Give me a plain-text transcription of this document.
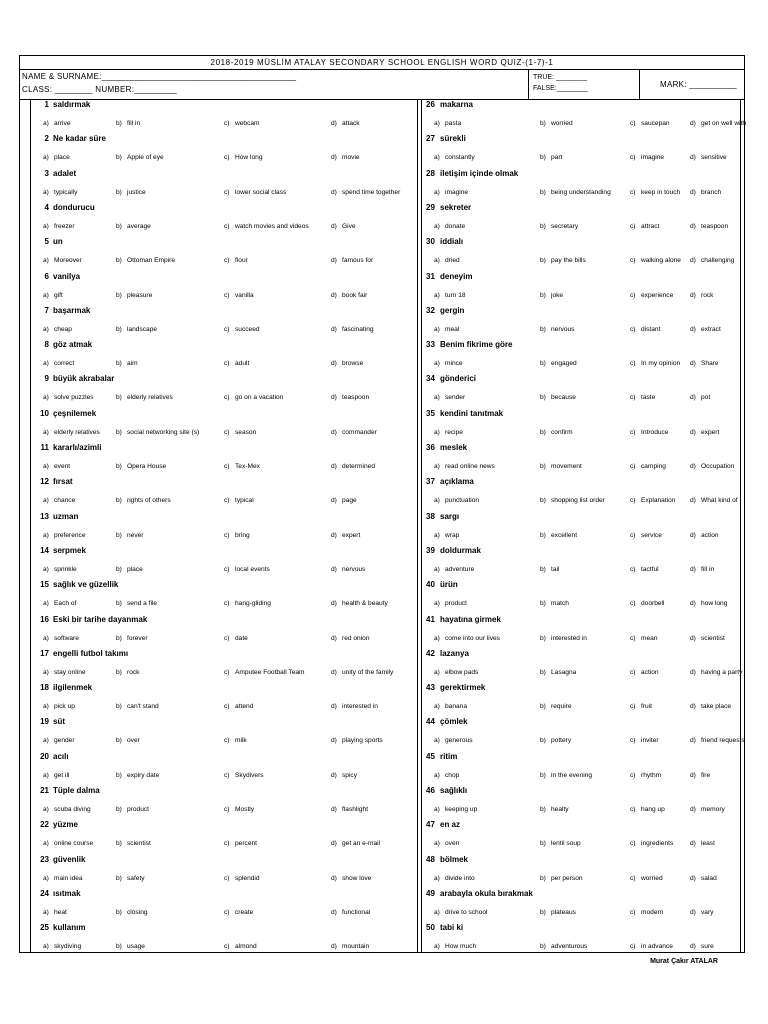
2018-2019 MÜSLİM ATALAY SECONDARY SCHOOL ENGLISH WORD QUIZ-(1-7)-1
NAME & SURNAME:_________________________________________
CLASS: ________ NUMBER:_________
TRUE: ________
FALSE:________	MARK: __________
1 saldırmak
a) arrive	b) fill in	c) webcam	d) attack
2 Ne kadar süre
a) place	b) Apple of eye	c) How long	d) movie
3 adalet
a) typically	b) justice	c) lower social class	d) spend time together
4 dondurucu
a) freezer	b) average	c) watch movies and videos	d) Give
5 un
a) Moreover	b) Ottoman Empire	c) flour	d) famous for
6 vanilya
a) gift	b) pleasure	c) vanilla	d) book fair
7 başarmak
a) cheap	b) landscape	c) succeed	d) fascinating
8 göz atmak
a) correct	b) aim	c) adult	d) browse
9 büyük akrabalar
a) solve puzzles	b) elderly relatives	c) go on a vacation	d) teaspoon
10 çeşnilemek
a) elderly relatives b) social networking site (s)	c) season	d) commander
11 kararlı/azimli
a) event	b) Opera House	c) Tex-Mex	d) determined
12 fırsat
a) chance	b) rights of others	c) typical	d) page
13 uzman
a) preference	b) never	c) bring	d) expert
14 serpmek
a) sprinkle	b) place	c) local events	d) nervous
15 sağlık ve güzellik
a) Each of	b) send a file	c) hang-gliding	d) health & beauty
16 Eski bir tarihe dayanmak
a) software	b) forever	c) date	d) red onion
17 engelli futbol takımı
a) stay online	b) rock	c) Amputee Football Team	d) unity of the family
18 ilgilenmek
a) pick up	b) can't stand	c) attend	d) interested in
19 süt
a) gender	b) over	c) milk	d) playing sports
20 acılı
a) get ill	b) expiry date	c) Skydivers	d) spicy
21 Tüple dalma
a) scuba diving	b) product	c) Mostly	d) flashlight
22 yüzme
a) online course	b) scientist	c) percent	d) get an e-mail
23 güvenlik
a) main idea	b) safety	c) splendid	d) show love
24 ısıtmak
a) heat	b) closing	c) create	d) functional
25 kullanım
a) skydiving	b) usage	c) almond	d) mountain
26 makarna
a) pasta	b) worried	c) saucepan	d) get on well with
27 sürekli
a) constantly	b) part	c) imagine	d) sensitive
28 iletişim içinde olmak
a) imagine	b) being understanding	c) keep in touch d) branch
29 sekreter
a) donate	b) secretary	c) attract	d) teaspoon
30 iddialı
a) dried	b) pay the bills	c) walking alone d) challenging
31 deneyim
a) turn 18	b) joke	c) experience	d) rock
32 gergin
a) meal	b) nervous	c) distant	d) extract
33 Benim fikrime göre
a) mince	b) engaged	c) In my opinion d) Share
34 gönderici
a) sender	b) because	c) taste	d) pot
35 kendini tanıtmak
a) recipe	b) confirm	c) Introduce	d) expert
36 meslek
a) read online news	b) movement	c) camping	d) Occupation
37 açıklama
a) punctuation	b) shopping list order	c) Explanation d) What kind of
38 sargı
a) wrap	b) excellent	c) service	d) action
39 doldurmak
a) adventure	b) tail	c) tactful	d) fill in
40 ürün
a) product	b) match	c) doorbell	d) how long
41 hayatına girmek
a) come into our lives	b) interested in	c) mean	d) scientist
42 lazanya
a) elbow pads	b) Lasagna	c) action	d) having a party
43 gerektirmek
a) banana	b) require	c) fruit	d) take place
44 çömlek
a) generous	b) pottery	c) inviter	d) friend requests
45 ritim
a) chop	b) in the evening	c) rhythm	d) fire
46 sağlıklı
a) keeping up	b) healty	c) hang up	d) memory
47 en az
a) oven	b) lentil soup	c) ingredients	d) least
48 bölmek
a) divide into	b) per person	c) worried	d) salad
49 arabayla okula bırakmak
a) drive to school	b) plateaus	c) modern	d) vary
50 tabi ki
a) How much	b) adventurous	c) in advance	d) sure
Murat Çakır ATALAR
